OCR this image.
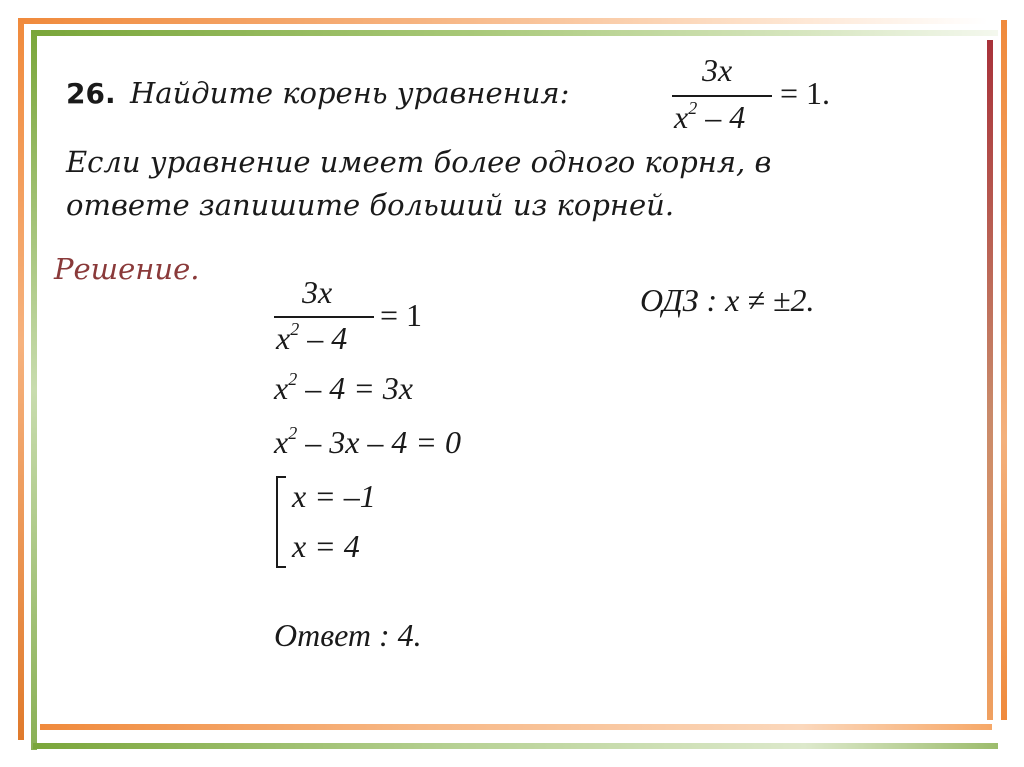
26. Найдите корень уравнения:
3x
$x^2 - 4$
= 1.
Если уравнение имеет более одного корня, в
ответе запишите больший из корней.
Решение.
3x
$x^2 - 4$
= 1	ОДЗ : x ≠ ±2.
$x^2 - 4 = 3x$
$x^2 - 3x - 4 = 0$
x = –1
x = 4
Ответ : 4.
